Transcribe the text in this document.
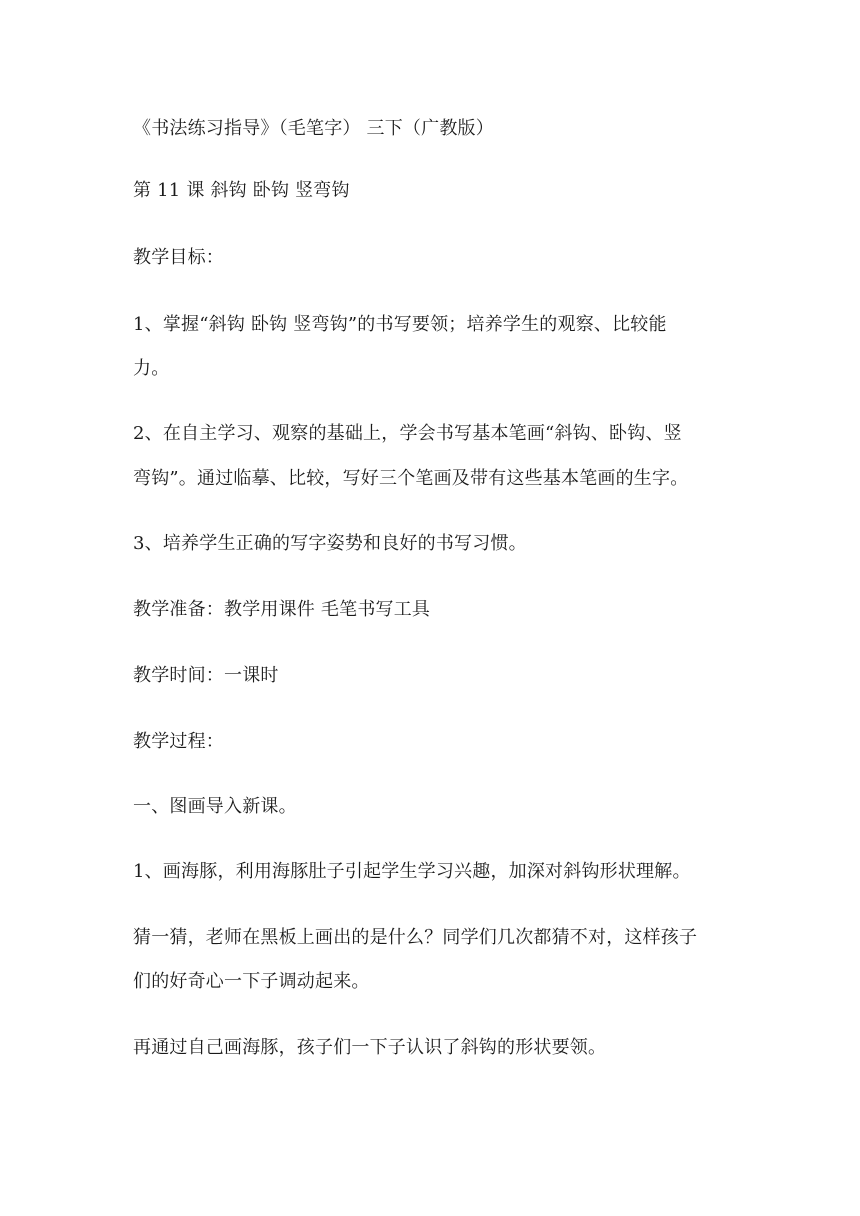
《书法练习指导》（毛笔字） 三下（广教版）
第 11 课 斜钩 卧钩 竖弯钩
教学目标：
1、掌握“斜钩 卧钩 竖弯钩”的书写要领；培养学生的观察、比较能
力。
2、在自主学习、观察的基础上，学会书写基本笔画“斜钩、卧钩、竖
弯钩”。通过临摹、比较，写好三个笔画及带有这些基本笔画的生字。
3、培养学生正确的写字姿势和良好的书写习惯。
教学准备：教学用课件 毛笔书写工具
教学时间：一课时
教学过程：
一、图画导入新课。
1、画海豚，利用海豚肚子引起学生学习兴趣，加深对斜钩形状理解。
猜一猜，老师在黑板上画出的是什么？同学们几次都猜不对，这样孩子
们的好奇心一下子调动起来。
再通过自己画海豚，孩子们一下子认识了斜钩的形状要领。
